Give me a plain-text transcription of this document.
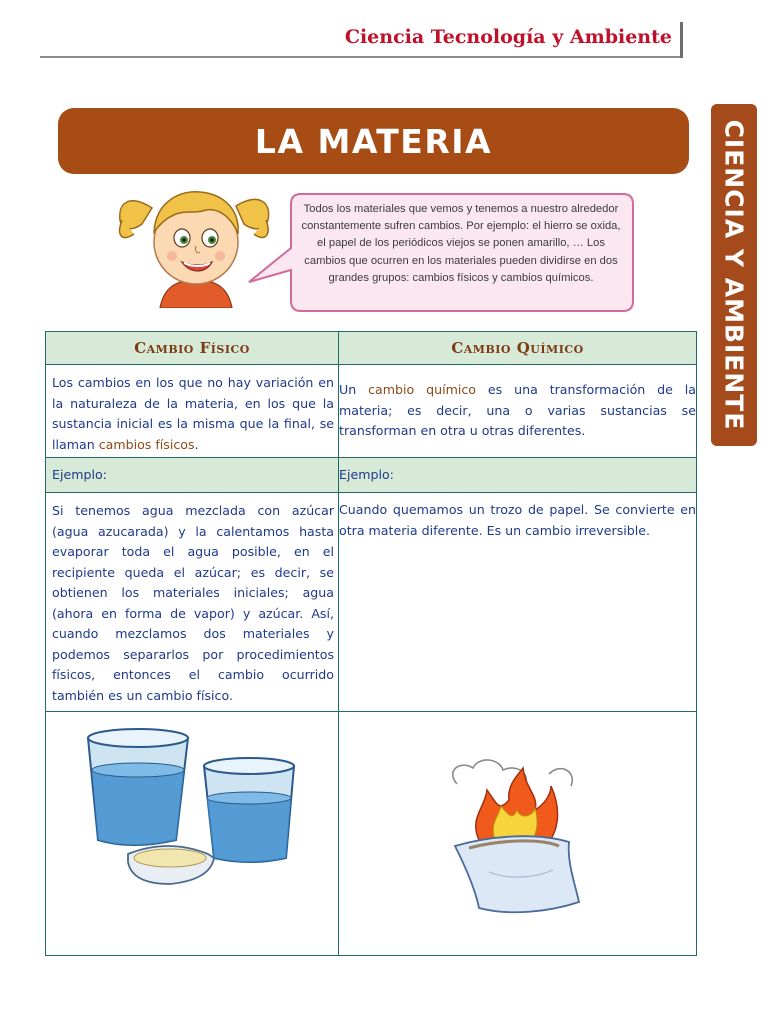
Ciencia Tecnología y Ambiente
CIENCIA Y AMBIENTE
LA MATERIA
Todos los materiales que vemos y tenemos a nuestro alrededor constantemente sufren cambios. Por ejemplo: el hierro se oxida, el papel de los periódicos viejos se ponen amarillo, … Los cambios que ocurren en los materiales pueden dividirse en dos grandes grupos: cambios físicos y cambios químicos.
Cambio Físico	Cambio Químico
Los cambios en los que no hay variación en la naturaleza de la materia, en los que la sustancia inicial es la misma que la final, se llaman cambios físicos.
Un cambio químico es una transformación de la materia; es decir, una o varias sustancias se transforman en otra u otras diferentes.
Ejemplo:	Ejemplo:
Si tenemos agua mezclada con azúcar (agua azucarada) y la calentamos hasta evaporar toda el agua posible, en el recipiente queda el azúcar; es decir, se obtienen los materiales iniciales; agua (ahora en forma de vapor) y azúcar. Así, cuando mezclamos dos materiales y podemos separarlos por procedimientos físicos, entonces el cambio ocurrido también es un cambio físico.
Cuando quemamos un trozo de papel. Se convierte en otra materia diferente. Es un cambio irreversible.
